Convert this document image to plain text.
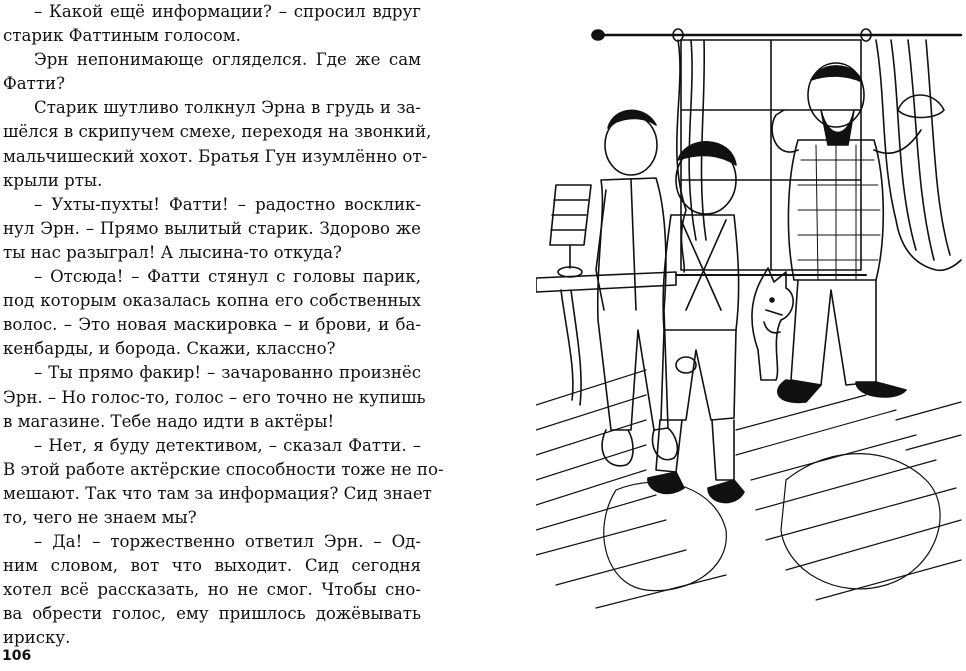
– Какой ещё информации? – спросил вдруг
старик Фаттиным голосом.
Эрн непонимающе огляделся. Где же сам
Фатти?
Старик шутливо толкнул Эрна в грудь и за-
шёлся в скрипучем смехе, переходя на звонкий,
мальчишеский хохот. Братья Гун изумлённо от-
крыли рты.
– Ухты-пухты! Фатти! – радостно восклик‐
нул Эрн. – Прямо вылитый старик. Здорово же
ты нас разыграл! А лысина-то откуда?
– Отсюда! – Фатти стянул с головы парик,
под которым оказалась копна его собственных
волос. – Это новая маскировка – и брови, и ба-
кенбарды, и борода. Скажи, классно?
– Ты прямо факир! – зачарованно произнёс
Эрн. – Но голос-то, голос – его точно не купишь
в магазине. Тебе надо идти в актёры!
– Нет, я буду детективом, – сказал Фатти. –
В этой работе актёрские способности тоже не по-
мешают. Так что там за информация? Сид знает
то, чего не знаем мы?
– Да! – торжественно ответил Эрн. – Од-
ним словом, вот что выходит. Сид сегодня
хотел всё рассказать, но не смог. Чтобы сно-
ва обрести голос, ему пришлось дожёвывать
ириску.
106
